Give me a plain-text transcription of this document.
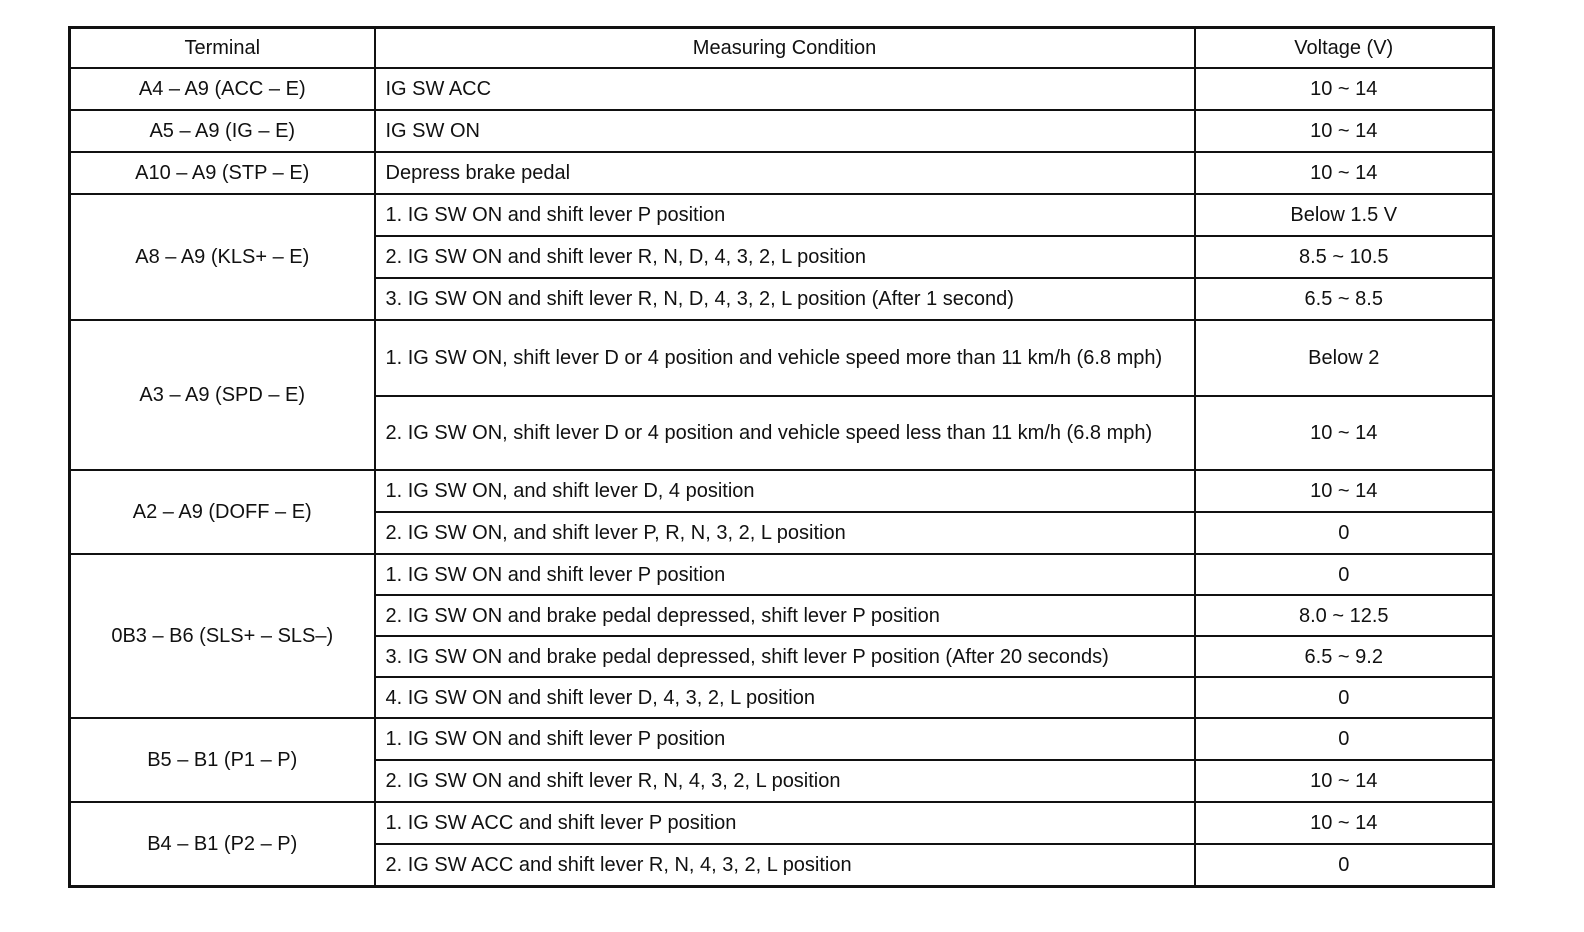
Terminal	Measuring Condition	Voltage (V)
A4 – A9 (ACC – E)	IG SW ACC	10 ~ 14
A5 – A9 (IG – E)	IG SW ON	10 ~ 14
A10 – A9 (STP – E)	Depress brake pedal	10 ~ 14
A8 – A9 (KLS+ – E)	1. IG SW ON and shift lever P position	Below 1.5 V
	2. IG SW ON and shift lever R, N, D, 4, 3, 2, L position	8.5 ~ 10.5
	3. IG SW ON and shift lever R, N, D, 4, 3, 2, L position (After 1 second)	6.5 ~ 8.5
A3 – A9 (SPD – E)	1. IG SW ON, shift lever D or 4 position and vehicle speed more than 11 km/h (6.8 mph)	Below 2
	2. IG SW ON, shift lever D or 4 position and vehicle speed less than 11 km/h (6.8 mph)	10 ~ 14
A2 – A9 (DOFF – E)	1. IG SW ON, and shift lever D, 4 position	10 ~ 14
	2. IG SW ON, and shift lever P, R, N, 3, 2, L position	0
0B3 – B6 (SLS+ – SLS–)	1. IG SW ON and shift lever P position	0
	2. IG SW ON and brake pedal depressed, shift lever P position	8.0 ~ 12.5
	3. IG SW ON and brake pedal depressed, shift lever P position (After 20 seconds)	6.5 ~ 9.2
	4. IG SW ON and shift lever D, 4, 3, 2, L position	0
B5 – B1 (P1 – P)	1. IG SW ON and shift lever P position	0
	2. IG SW ON and shift lever R, N, 4, 3, 2, L position	10 ~ 14
B4 – B1 (P2 – P)	1. IG SW ACC and shift lever P position	10 ~ 14
	2. IG SW ACC and shift lever R, N, 4, 3, 2, L position	0
